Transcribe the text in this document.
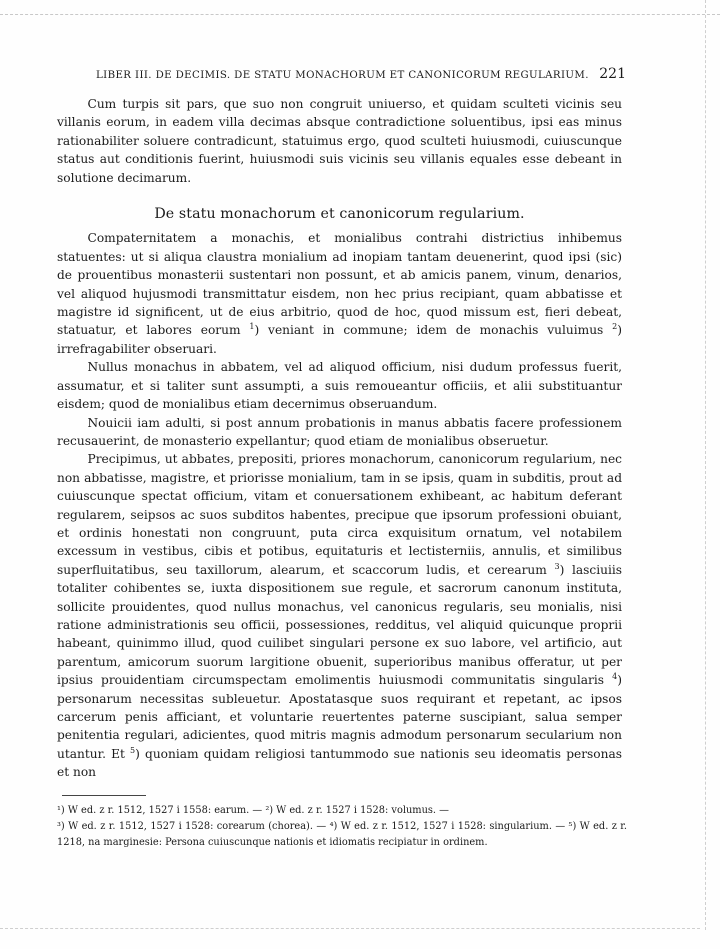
LIBER III. DE DECIMIS. DE STATU MONACHORUM ET CANONICORUM REGULARIUM. 221

Cum turpis sit pars, que suo non congruit uniuerso, et quidam sculteti vicinis seu villanis eorum, in eadem villa decimas absque contradictione soluentibus, ipsi eas minus rationabiliter soluere contradicunt, statuimus ergo, quod sculteti huiusmodi, cuiuscunque status aut conditionis fuerint, huiusmodi suis vicinis seu villanis equales esse debeant in solutione decimarum.

De statu monachorum et canonicorum regularium.

Compaternitatem a monachis, et monialibus contrahi districtius inhibemus statuentes: ut si aliqua claustra monialium ad inopiam tantam deuenerint, quod ipsi (sic) de prouentibus monasterii sustentari non possunt, et ab amicis panem, vinum, denarios, vel aliquod hujusmodi transmittatur eisdem, non hec prius recipiant, quam abbatisse et magistre id significent, ut de eius arbitrio, quod de hoc, quod missum est, fieri debeat, statuatur, et labores eorum $^1$) veniant in commune; idem de monachis vuluimus $^2$) irrefragabiliter obseruari.

Nullus monachus in abbatem, vel ad aliquod officium, nisi dudum professus fuerit, assumatur, et si taliter sunt assumpti, a suis remoueantur officiis, et alii substituantur eisdem; quod de monialibus etiam decernimus obseruandum.

Nouicii iam adulti, si post annum probationis in manus abbatis facere professionem recusauerint, de monasterio expellantur; quod etiam de monialibus obseruetur.

Precipimus, ut abbates, prepositi, priores monachorum, canonicorum regularium, nec non abbatisse, magistre, et priorisse monialium, tam in se ipsis, quam in subditis, prout ad cuiuscunque spectat officium, vitam et conuersationem exhibeant, ac habitum deferant regularem, seipsos ac suos subditos habentes, precipue que ipsorum professioni obuiant, et ordinis honestati non congruunt, puta circa exquisitum ornatum, vel notabilem excessum in vestibus, cibis et potibus, equitaturis et lectisterniis, annulis, et similibus superfluitatibus, seu taxillorum, alearum, et scaccorum ludis, et cerearum $^3$) lasciuiis totaliter cohibentes se, iuxta dispositionem sue regule, et sacrorum canonum instituta, sollicite prouidentes, quod nullus monachus, vel canonicus regularis, seu monialis, nisi ratione administrationis seu officii, possessiones, redditus, vel aliquid quicunque proprii habeant, quinimmo illud, quod cuilibet singulari persone ex suo labore, vel artificio, aut parentum, amicorum suorum largitione obuenit, superioribus manibus offeratur, ut per ipsius prouidentiam circumspectam emolimentis huiusmodi communitatis singularis $^4$) personarum necessitas subleuetur. Apostatasque suos requirant et repetant, ac ipsos carcerum penis afficiant, et voluntarie reuertentes paterne suscipiant, salua semper penitentia regulari, adicientes, quod mitris magnis admodum personarum secularium non utantur. Et $^5$) quoniam quidam religiosi tantummodo sue nationis seu ideomatis personas et non

¹) W ed. z r. 1512, 1527 i 1558: earum. — ²) W ed. z r. 1527 i 1528: volumus. —

³) W ed. z r. 1512, 1527 i 1528: corearum (chorea). — ⁴) W ed. z r. 1512, 1527 i 1528: singularium. — ⁵) W ed. z r. 1218, na marginesie: Persona cuiuscunque nationis et idiomatis recipiatur in ordinem.
